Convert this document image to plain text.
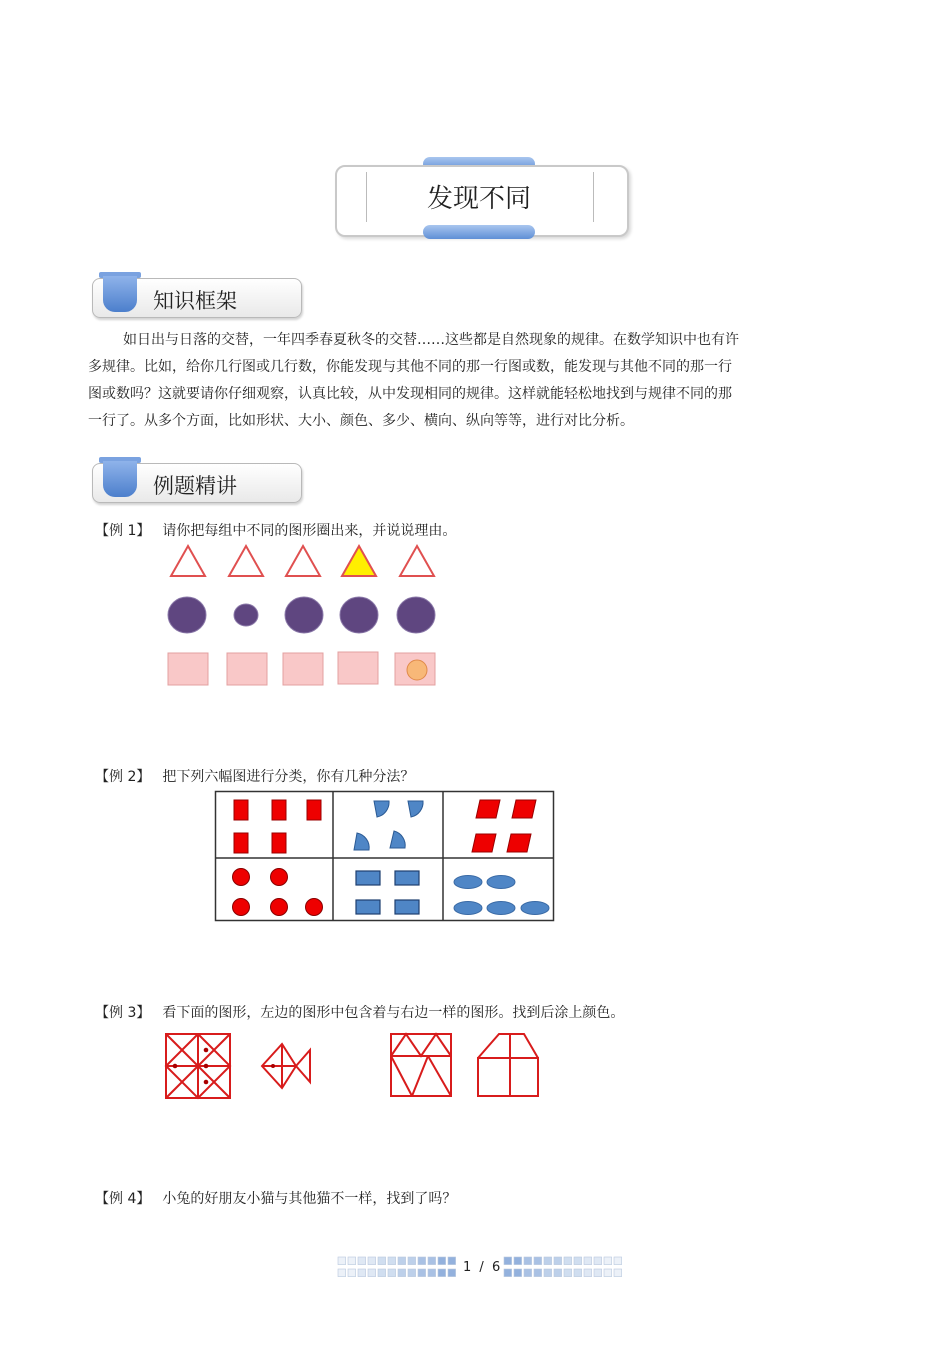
发现不同
知识框架

如日出与日落的交替，一年四季春夏秋冬的交替……这些都是自然现象的规律。在数学知识中也有许

多规律。比如，给你几行图或几行数，你能发现与其他不同的那一行图或数，能发现与其他不同的那一行

图或数吗？这就要请你仔细观察，认真比较，从中发现相同的规律。这样就能轻松地找到与规律不同的那

一行了。从多个方面，比如形状、大小、颜色、多少、横向、纵向等等，进行对比分析。

例题精讲
【例 1】 请你把每组中不同的图形圈出来，并说说理由。
【例 2】 把下列六幅图进行分类，你有几种分法？
【例 3】 看下面的图形，左边的图形中包含着与右边一样的图形。找到后涂上颜色。
【例 4】 小兔的好朋友小猫与其他猫不一样，找到了吗？
1 / 6
